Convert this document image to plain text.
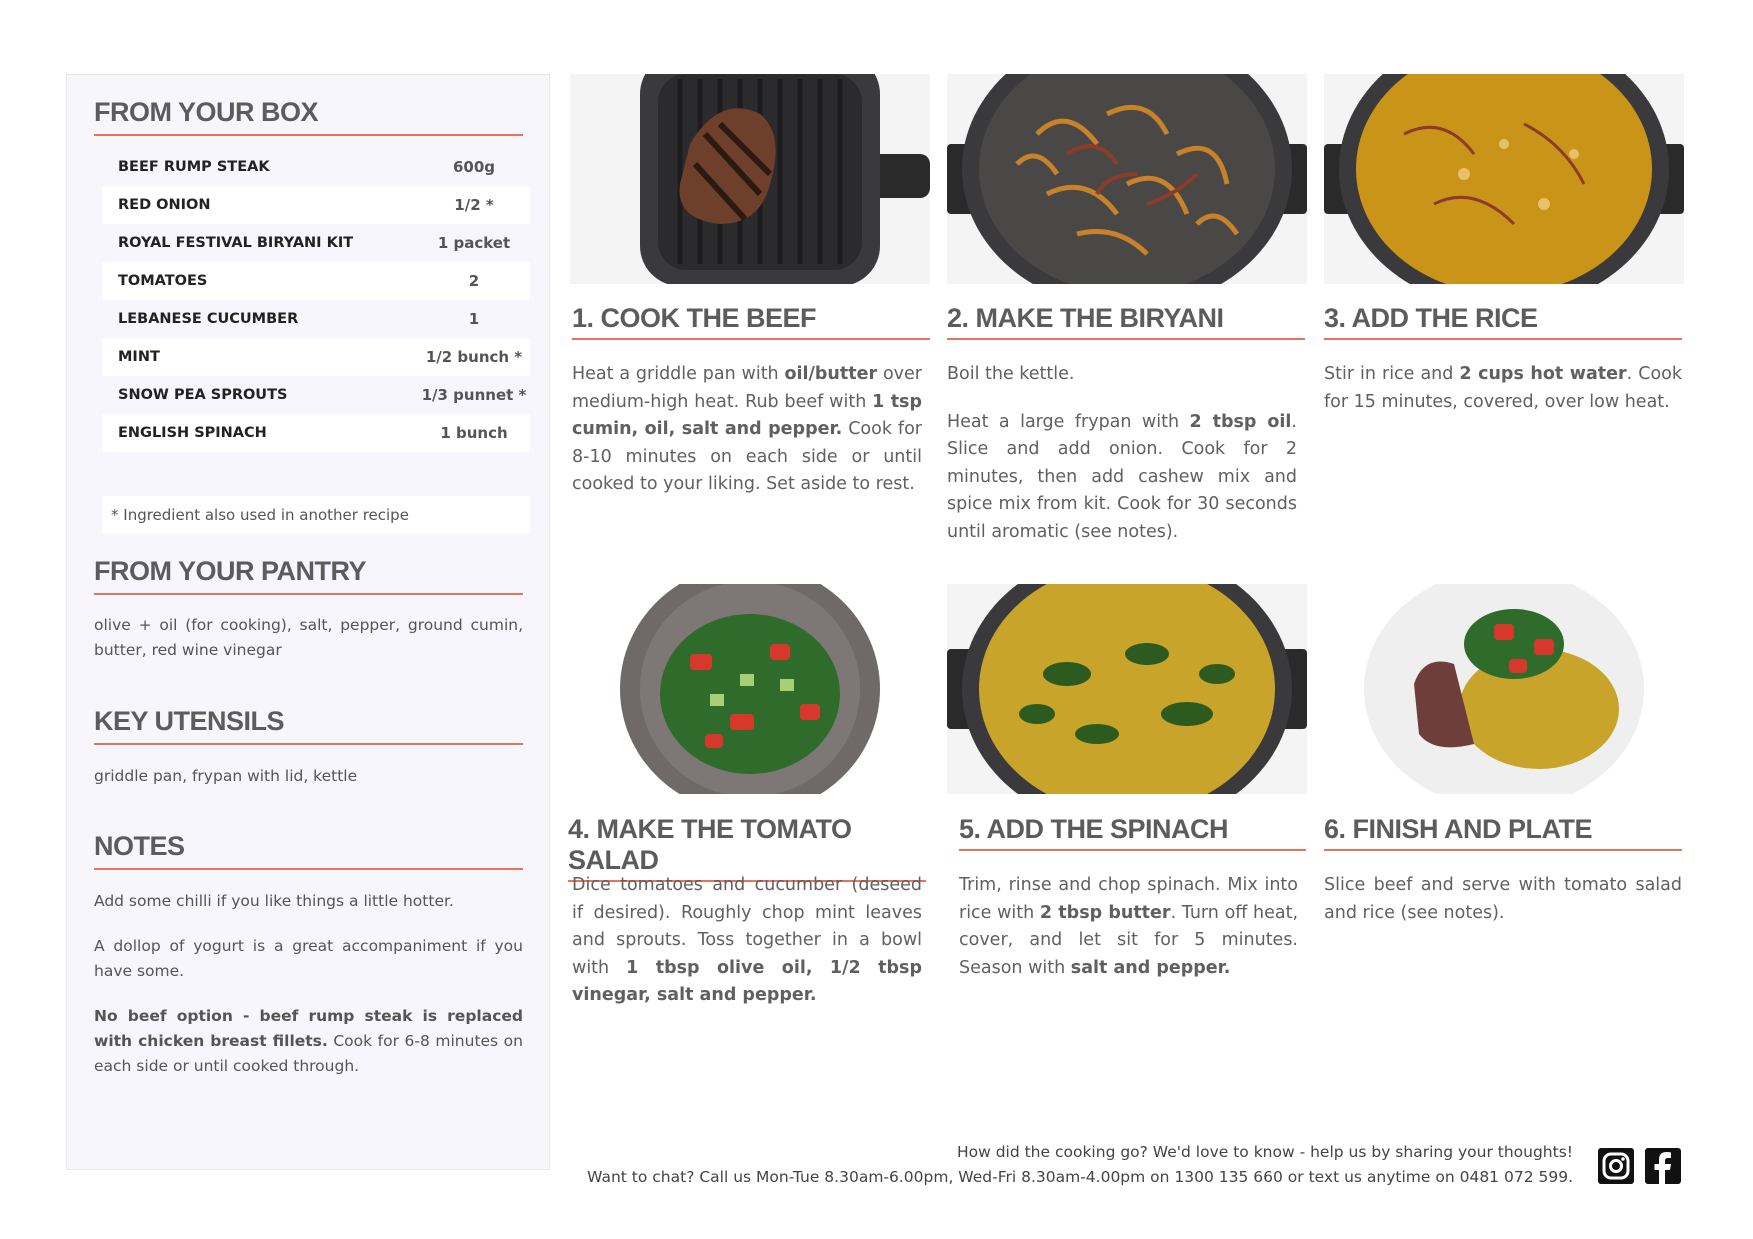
FROM YOUR BOX
BEEF RUMP STEAK	600g
RED ONION	1/2 *
ROYAL FESTIVAL BIRYANI KIT	1 packet
TOMATOES	2
LEBANESE CUCUMBER	1
MINT	1/2 bunch *
SNOW PEA SPROUTS	1/3 punnet *
ENGLISH SPINACH	1 bunch
* Ingredient also used in another recipe
FROM YOUR PANTRY

olive + oil (for cooking), salt, pepper, ground cumin, butter, red wine vinegar

KEY UTENSILS

griddle pan, frypan with lid, kettle

NOTES

Add some chilli if you like things a little hotter.

A dollop of yogurt is a great accompaniment if you have some.

No beef option - beef rump steak is replaced with chicken breast fillets. Cook for 6-8 minutes on each side or until cooked through.

1. COOK THE BEEF

Heat a griddle pan with oil/butter over medium-high heat. Rub beef with 1 tsp cumin, oil, salt and pepper. Cook for 8-10 minutes on each side or until cooked to your liking. Set aside to rest.

2. MAKE THE BIRYANI

Boil the kettle.

Heat a large frypan with 2 tbsp oil. Slice and add onion. Cook for 2 minutes, then add cashew mix and spice mix from kit. Cook for 30 seconds until aromatic (see notes).

3. ADD THE RICE

Stir in rice and 2 cups hot water. Cook for 15 minutes, covered, over low heat.

4. MAKE THE TOMATO SALAD

Dice tomatoes and cucumber (deseed if desired). Roughly chop mint leaves and sprouts. Toss together in a bowl with 1 tbsp olive oil, 1/2 tbsp vinegar, salt and pepper.

5. ADD THE SPINACH

Trim, rinse and chop spinach. Mix into rice with 2 tbsp butter. Turn off heat, cover, and let sit for 5 minutes. Season with salt and pepper.

6. FINISH AND PLATE

Slice beef and serve with tomato salad and rice (see notes).

How did the cooking go? We'd love to know - help us by sharing your thoughts!
Want to chat? Call us Mon-Tue 8.30am-6.00pm, Wed-Fri 8.30am-4.00pm on 1300 135 660 or text us anytime on 0481 072 599.
